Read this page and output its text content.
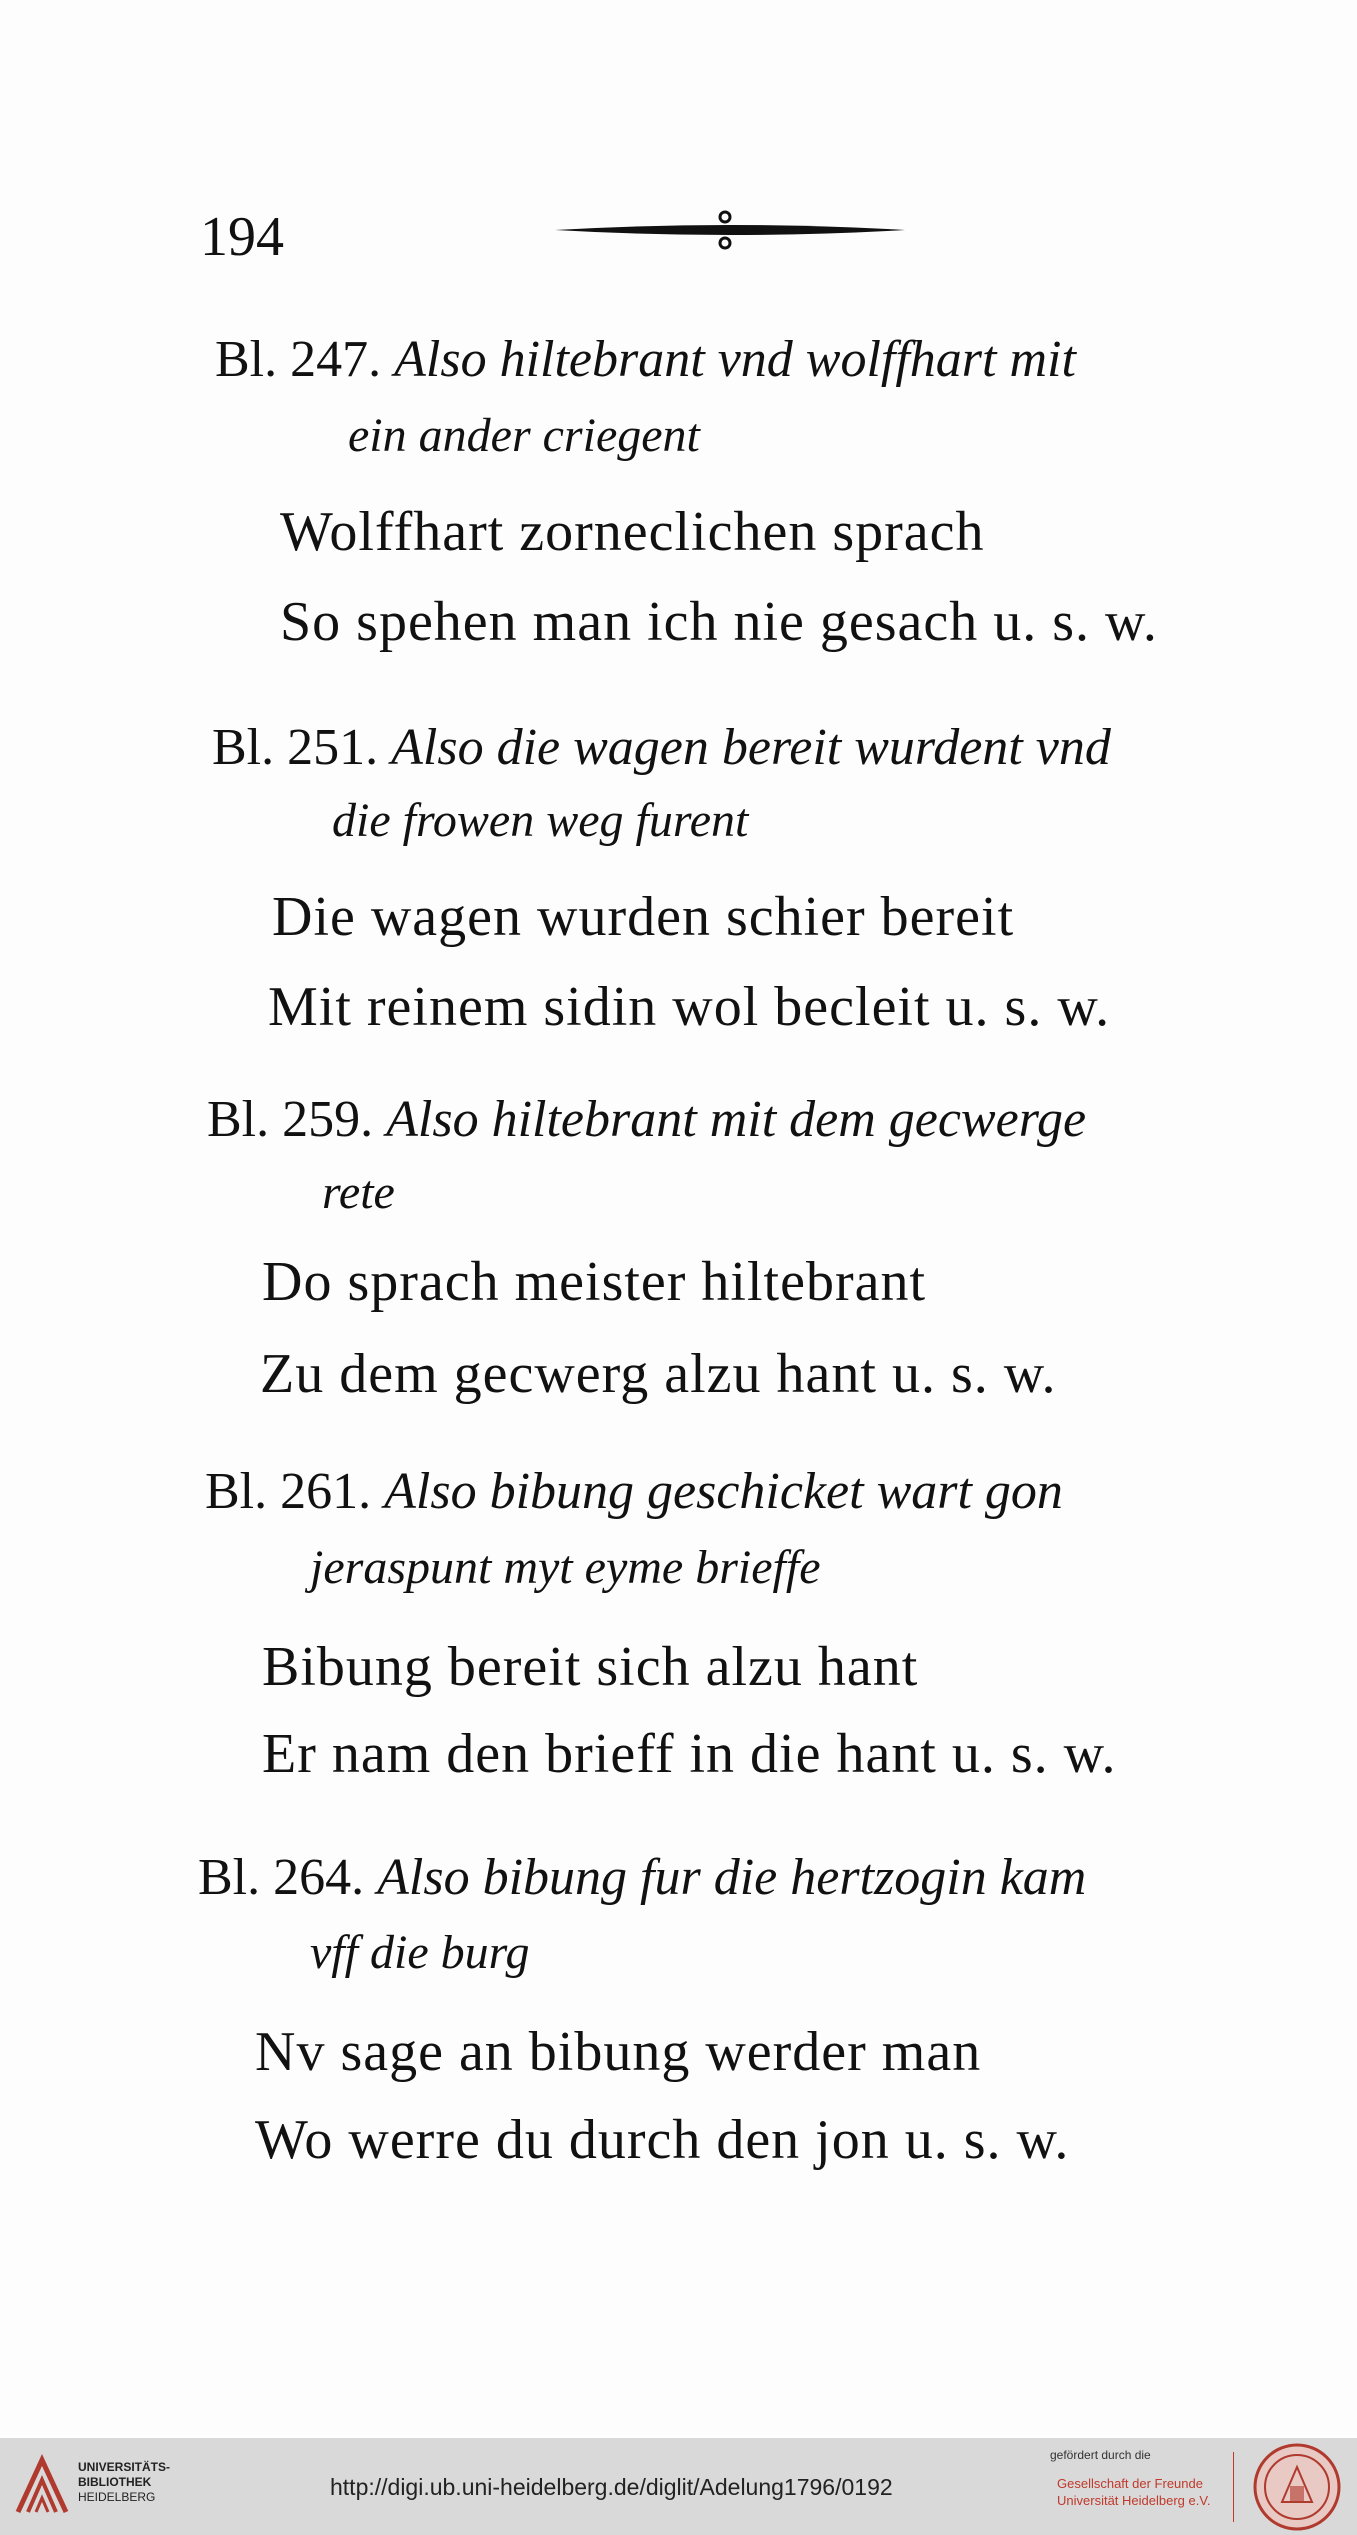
194
Bl. 247. Also hiltebrant vnd wolffhart mit
ein ander criegent
Wolffhart zorneclichen sprach
So spehen man ich nie gesach u. s. w.
Bl. 251. Also die wagen bereit wurdent vnd
die frowen weg furent
Die wagen wurden schier bereit
Mit reinem sidin wol becleit u. s. w.
Bl. 259. Also hiltebrant mit dem gecwerge
rete
Do sprach meister hiltebrant
Zu dem gecwerg alzu hant u. s. w.
Bl. 261. Also bibung geschicket wart gon
jeraspunt myt eyme brieffe
Bibung bereit sich alzu hant
Er nam den brieff in die hant u. s. w.
Bl. 264. Also bibung fur die hertzogin kam
vff die burg
Nv sage an bibung werder man
Wo werre du durch den jon u. s. w.
UNIVERSITÄTS-
BIBLIOTHEK
HEIDELBERG	http://digi.ub.uni-heidelberg.de/diglit/Adelung1796/0192
gefördert durch die
Gesellschaft der Freunde
Universität Heidelberg e.V.
